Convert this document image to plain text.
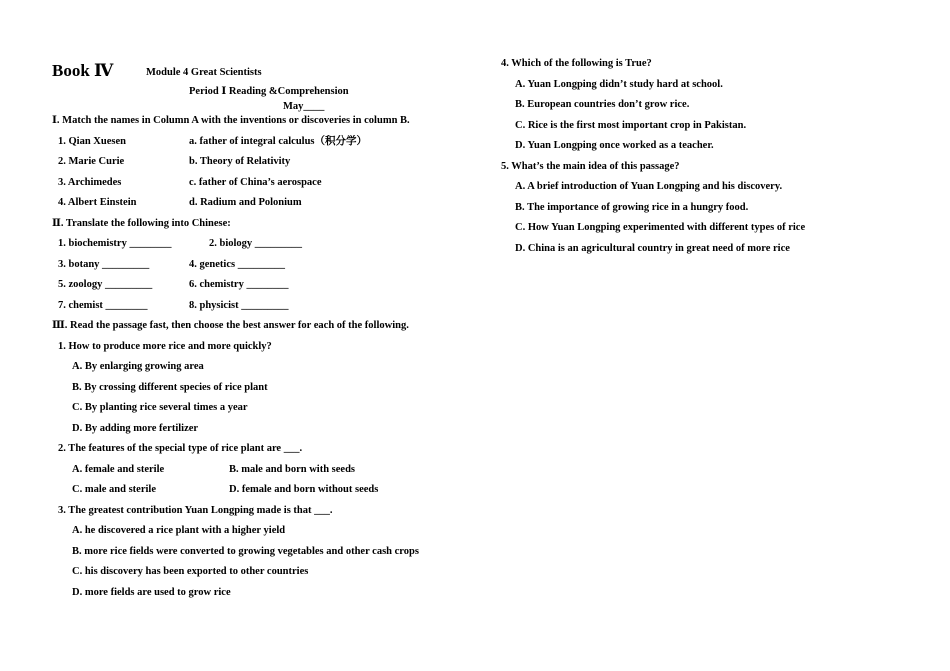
Book Ⅳ	Module 4 Great Scientists
Period Ⅰ Reading &Comprehension
May____
Ⅰ. Match the names in Column A with the inventions or discoveries in column B.
1. Qian Xuesen	a. father of integral calculus（积分学）
2. Marie Curie	b. Theory of Relativity
3. Archimedes	c. father of China’s aerospace
4. Albert Einstein	d. Radium and Polonium
Ⅱ. Translate the following into Chinese:
1. biochemistry ________	2. biology _________
3. botany _________	4. genetics _________
5. zoology _________	6. chemistry ________
7. chemist ________	8. physicist _________
Ⅲ. Read the passage fast, then choose the best answer for each of the following.
1. How to produce more rice and more quickly?
A. By enlarging growing area
B. By crossing different species of rice plant
C. By planting rice several times a year
D. By adding more fertilizer
2. The features of the special type of rice plant are ___.
A. female and sterile	B. male and born with seeds
C. male and sterile	D. female and born without seeds
3. The greatest contribution Yuan Longping made is that ___.
A. he discovered a rice plant with a higher yield
B. more rice fields were converted to growing vegetables and other cash crops
C. his discovery has been exported to other countries
D. more fields are used to grow rice
4. Which of the following is True?
A. Yuan Longping didn’t study hard at school.
B. European countries don’t grow rice.
C. Rice is the first most important crop in Pakistan.
D. Yuan Longping once worked as a teacher.
5. What’s the main idea of this passage?
A. A brief introduction of Yuan Longping and his discovery.
B. The importance of growing rice in a hungry food.
C. How Yuan Longping experimented with different types of rice
D. China is an agricultural country in great need of more rice
